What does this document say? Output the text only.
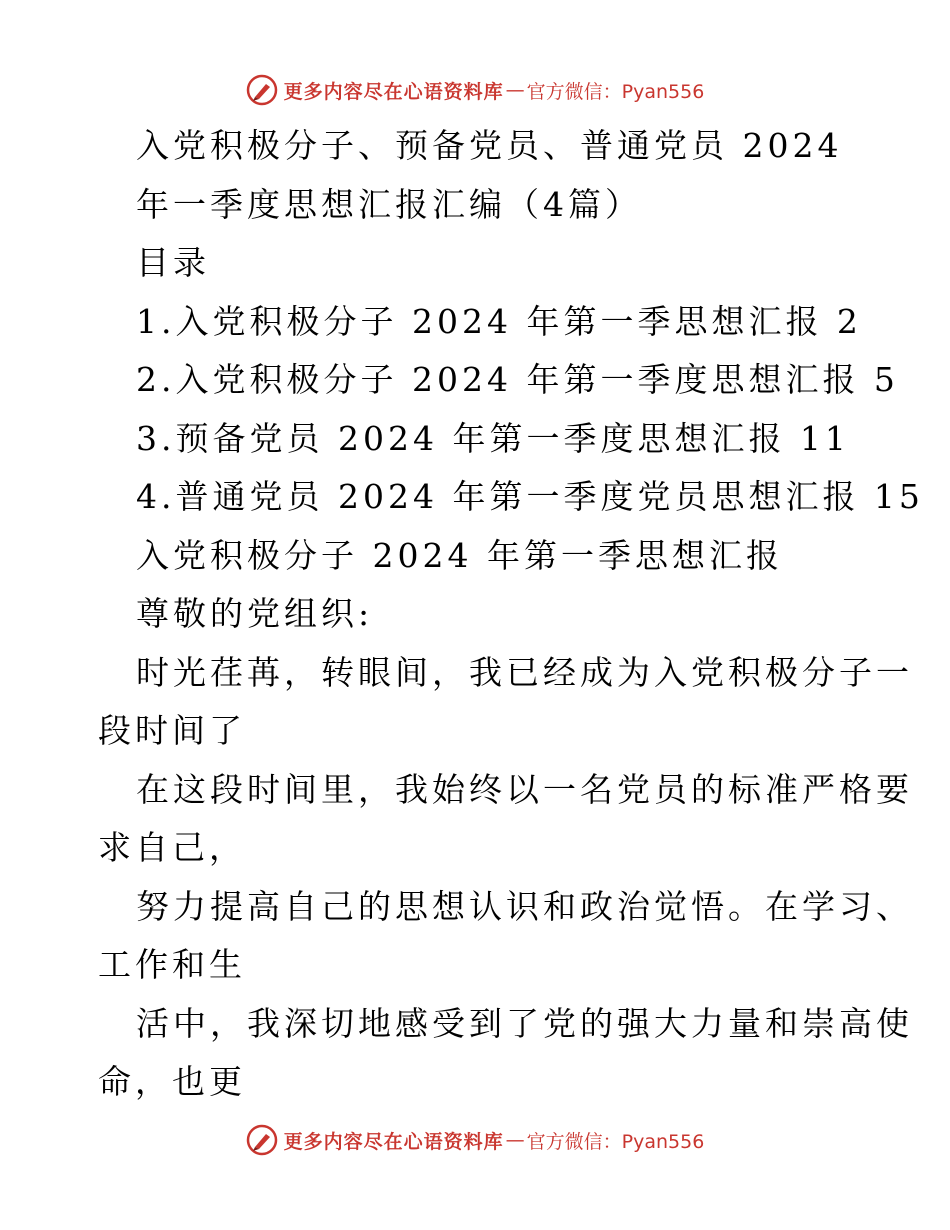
更多内容尽在心语资料库 — 官方微信：Pyan556
入党积极分子、预备党员、普通党员 2024
年一季度思想汇报汇编（4篇）
目录
1.入党积极分子 2024 年第一季思想汇报 2
2.入党积极分子 2024 年第一季度思想汇报 5
3.预备党员 2024 年第一季度思想汇报 11
4.普通党员 2024 年第一季度党员思想汇报 15
入党积极分子 2024 年第一季思想汇报
尊敬的党组织:
时光荏苒，转眼间，我已经成为入党积极分子一
段时间了
在这段时间里，我始终以一名党员的标准严格要
求自己，
努力提高自己的思想认识和政治觉悟。在学习、
工作和生
活中，我深切地感受到了党的强大力量和崇高使
命，也更
更多内容尽在心语资料库 — 官方微信：Pyan556
